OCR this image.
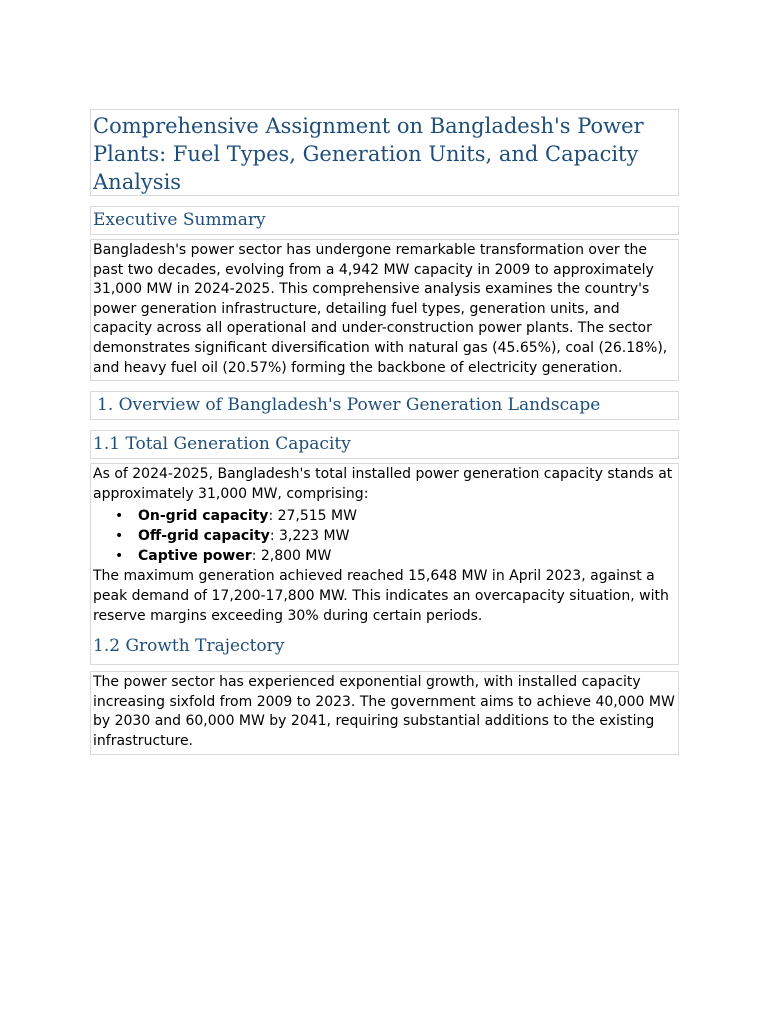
Comprehensive Assignment on Bangladesh's Power Plants: Fuel Types, Generation Units, and Capacity Analysis
Executive Summary
Bangladesh's power sector has undergone remarkable transformation over the past two decades, evolving from a 4,942 MW capacity in 2009 to approximately 31,000 MW in 2024-2025. This comprehensive analysis examines the country's power generation infrastructure, detailing fuel types, generation units, and capacity across all operational and under-construction power plants. The sector demonstrates significant diversification with natural gas (45.65%), coal (26.18%), and heavy fuel oil (20.57%) forming the backbone of electricity generation.
1. Overview of Bangladesh's Power Generation Landscape
1.1 Total Generation Capacity
As of 2024-2025, Bangladesh's total installed power generation capacity stands at approximately 31,000 MW, comprising:
• On-grid capacity: 27,515 MW
• Off-grid capacity: 3,223 MW
• Captive power: 2,800 MW
The maximum generation achieved reached 15,648 MW in April 2023, against a peak demand of 17,200-17,800 MW. This indicates an overcapacity situation, with reserve margins exceeding 30% during certain periods.
1.2 Growth Trajectory
The power sector has experienced exponential growth, with installed capacity increasing sixfold from 2009 to 2023. The government aims to achieve 40,000 MW by 2030 and 60,000 MW by 2041, requiring substantial additions to the existing infrastructure.
